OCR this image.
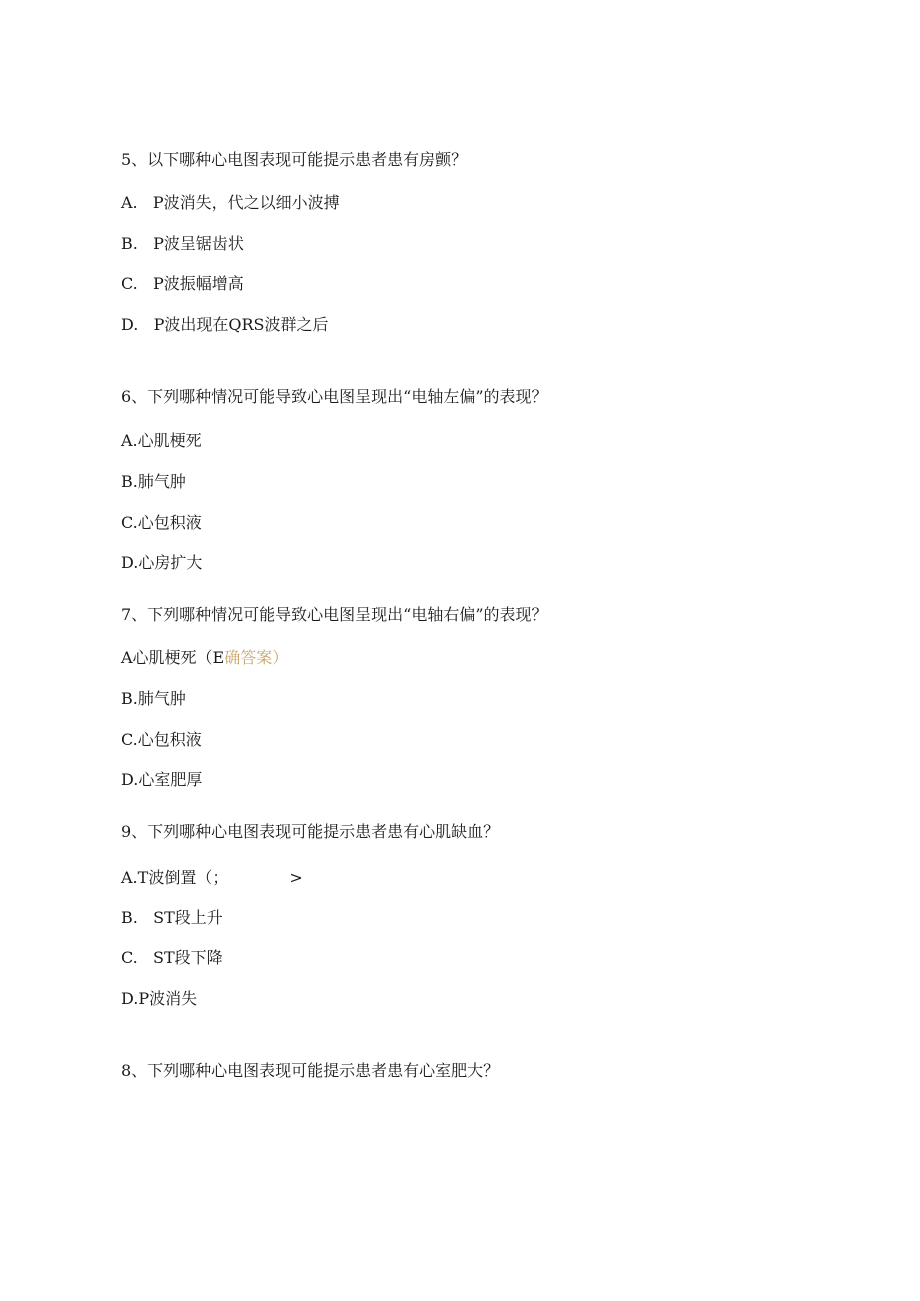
5、以下哪种心电图表现可能提示患者患有房颤？
A.   P波消失，代之以细小波搏
B.   P波呈锯齿状
C.   P波振幅增高
D.   P波出现在QRS波群之后
6、下列哪种情况可能导致心电图呈现出“电轴左偏”的表现？
A.心肌梗死
B.肺气肿
C.心包积液
D.心房扩大
7、下列哪种情况可能导致心电图呈现出“电轴右偏”的表现？
A心肌梗死（E确答案）
B.肺气肿
C.心包积液
D.心室肥厚
9、下列哪种心电图表现可能提示患者患有心肌缺血？
A.T波倒置（；            >
B.   ST段上升
C.   ST段下降
D.P波消失
8、下列哪种心电图表现可能提示患者患有心室肥大？
